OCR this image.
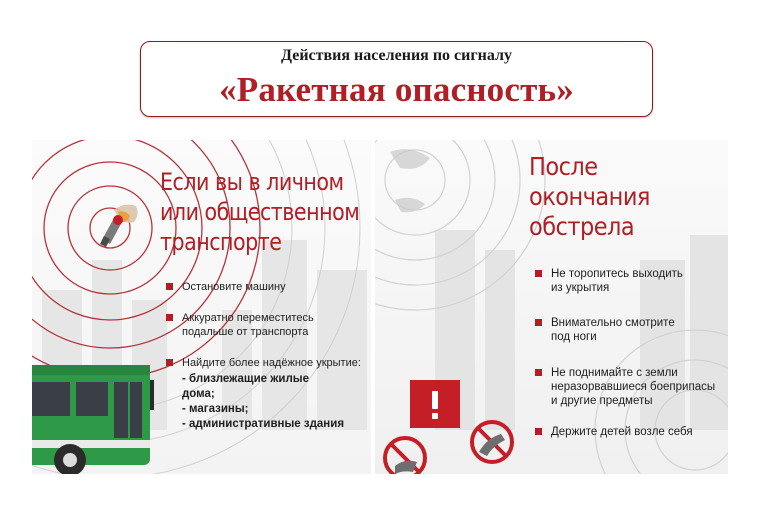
Действия населения по сигналу
«Ракетная опасность»
Если вы в личном
или общественном
транспорте
Остановите машину
Аккуратно переместитесь
подальше от транспорта
Найдите более надёжное укрытие:
- близлежащие жилые
дома;
- магазины;
- административные здания
После
окончания
обстрела
Не торопитесь выходить
из укрытия
Внимательно смотрите
под ноги
Не поднимайте с земли
неразорвавшиеся боеприпасы
и другие предметы
Держите детей возле себя
